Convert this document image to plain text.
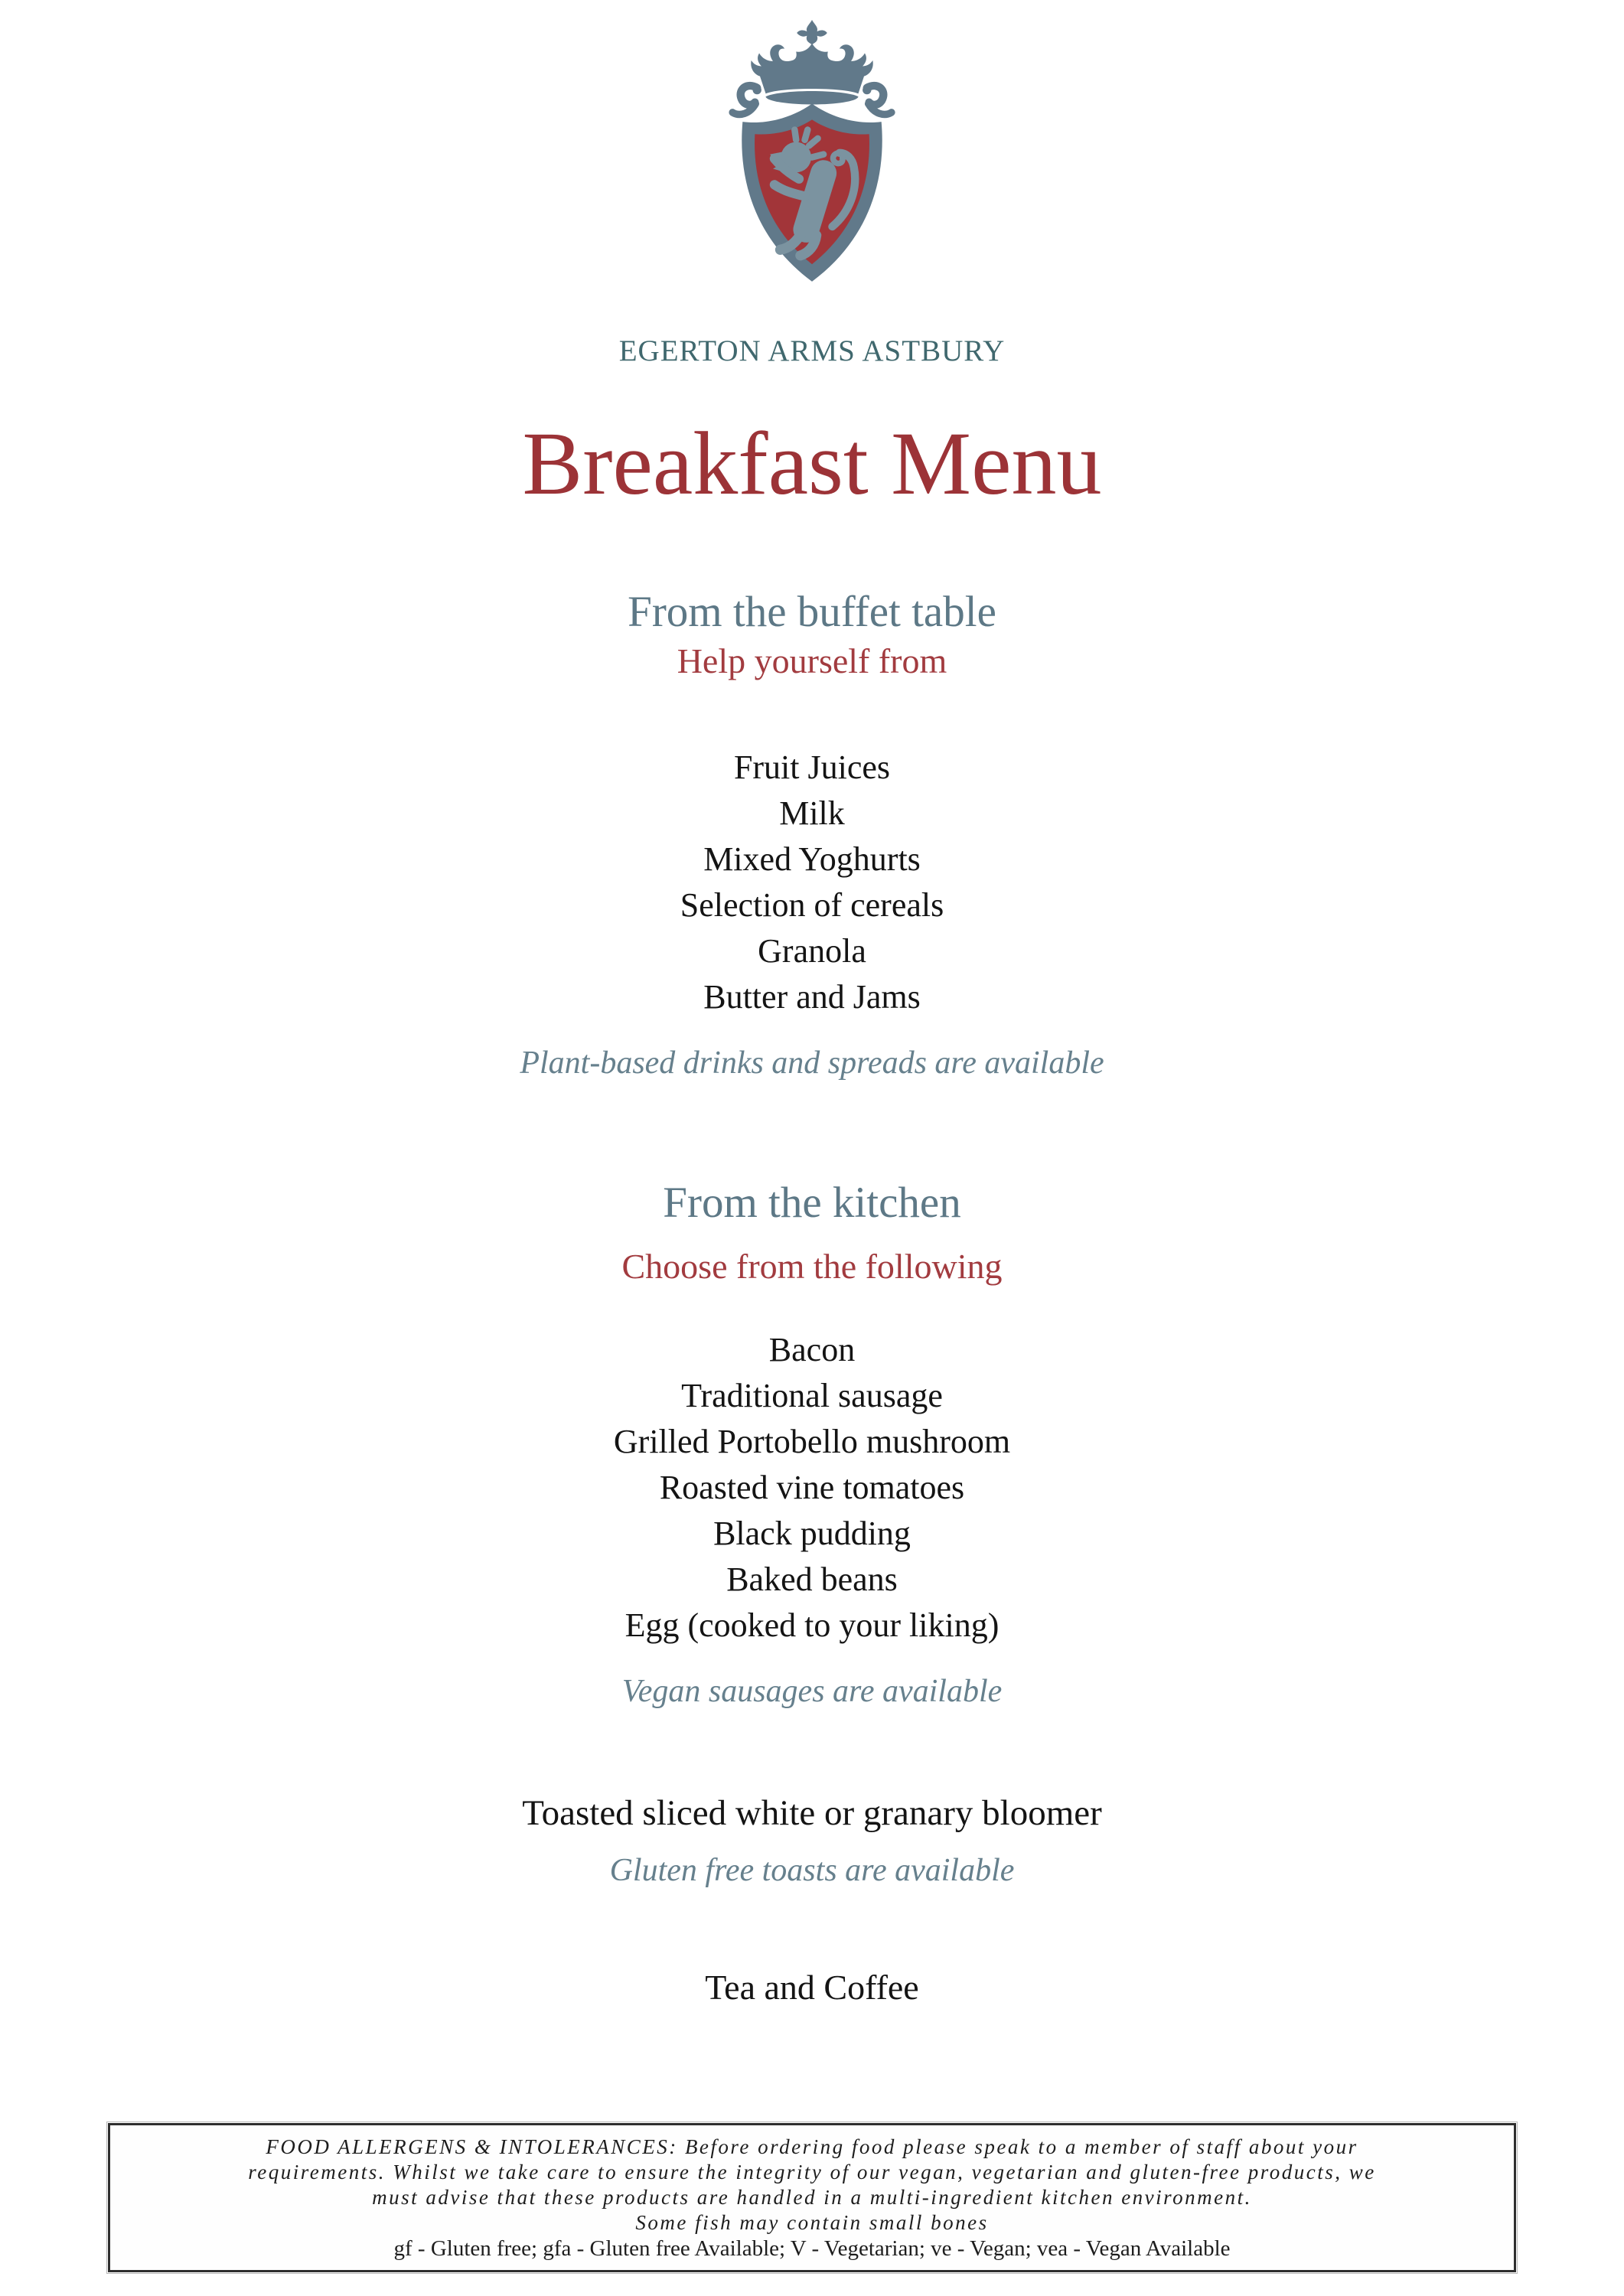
EGERTON ARMS ASTBURY
Breakfast Menu
From the buffet table
Help yourself from
Fruit Juices
Milk
Mixed Yoghurts
Selection of cereals
Granola
Butter and Jams

Plant-based drinks and spreads are available

From the kitchen
Choose from the following
Bacon
Traditional sausage
Grilled Portobello mushroom
Roasted vine tomatoes
Black pudding
Baked beans
Egg (cooked to your liking)

Vegan sausages are available

Toasted sliced white or granary bloomer

Gluten free toasts are available

Tea and Coffee
FOOD ALLERGENS & INTOLERANCES: Before ordering food please speak to a member of staff about your
requirements. Whilst we take care to ensure the integrity of our vegan, vegetarian and gluten-free products, we
must advise that these products are handled in a multi-ingredient kitchen environment.
Some fish may contain small bones
gf - Gluten free; gfa - Gluten free Available; V - Vegetarian; ve - Vegan; vea - Vegan Available
